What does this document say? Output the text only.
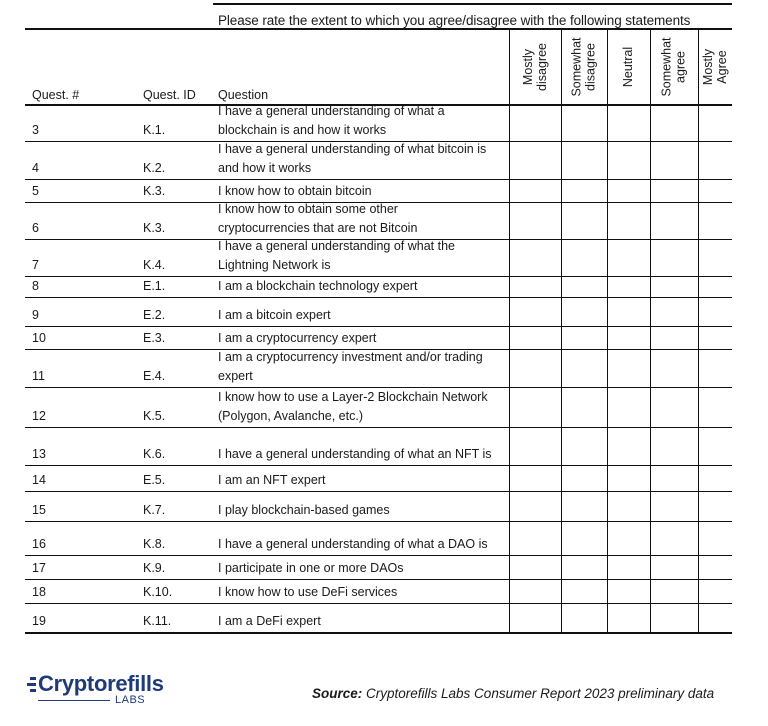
Please rate the extent to which you agree/disagree with the following statements
Quest. #	Quest. ID Question
Mostly disagree Somewhat disagree Neutral Somewhat agree Mostly Agree
3	K.1.
I have a general understanding of what a
blockchain is and how it works
4	K.2.
I have a general understanding of what bitcoin is
and how it works
5	K.3.	I know how to obtain bitcoin
6	K.3.
I know how to obtain some other
cryptocurrencies that are not Bitcoin
7	K.4.
I have a general understanding of what the
Lightning Network is
8	E.1.	I am a blockchain technology expert
9	E.2.	I am a bitcoin expert
10	E.3.	I am a cryptocurrency expert
11	E.4.
I am a cryptocurrency investment and/or trading
expert
12	K.5.
I know how to use a Layer-2 Blockchain Network
(Polygon, Avalanche, etc.)
13	K.6.	I have a general understanding of what an NFT is
14	E.5.	I am an NFT expert
15	K.7.	I play blockchain-based games
16	K.8.	I have a general understanding of what a DAO is
17	K.9.	I participate in one or more DAOs
18	K.10.	I know how to use DeFi services
19	K.11.	I am a DeFi expert
Cryptorefills
LABS	Source: Cryptorefills Labs Consumer Report 2023 preliminary data
